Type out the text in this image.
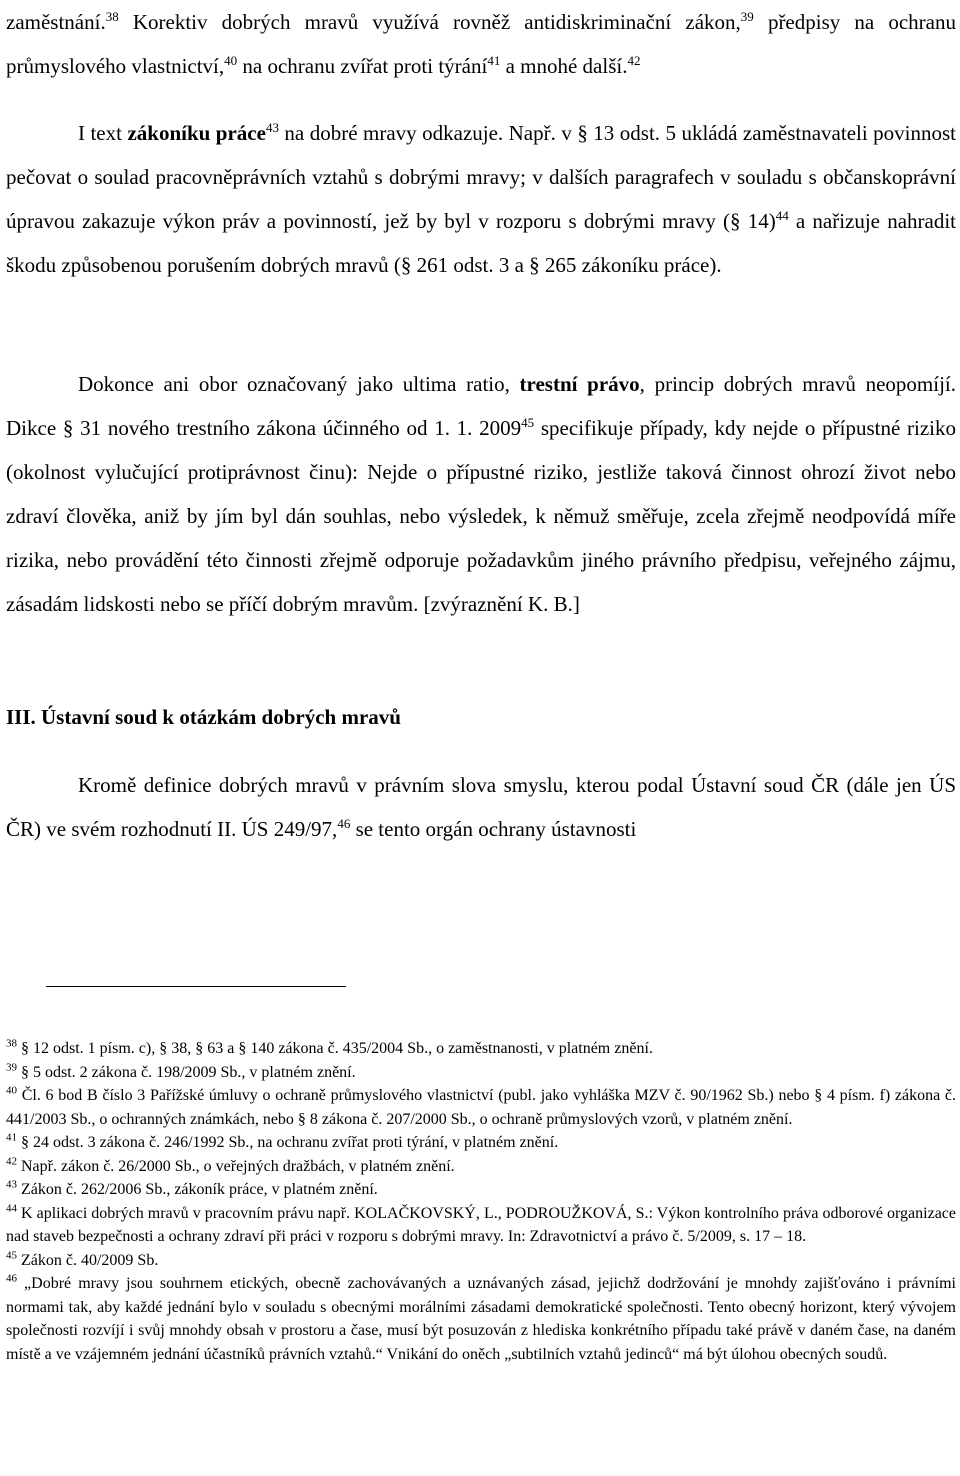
zaměstnání.$^{38}$ Korektiv dobrých mravů využívá rovněž antidiskriminační zákon,$^{39}$ předpisy na ochranu průmyslového vlastnictví,$^{40}$ na ochranu zvířat proti týrání$^{41}$ a mnohé další.$^{42}$

I text zákoníku práce$^{43}$ na dobré mravy odkazuje. Např. v § 13 odst. 5 ukládá zaměstnavateli povinnost pečovat o soulad pracovněprávních vztahů s dobrými mravy; v dalších paragrafech v souladu s občanskoprávní úpravou zakazuje výkon práv a povinností, jež by byl v rozporu s dobrými mravy (§ 14)$^{44}$ a nařizuje nahradit škodu způsobenou porušením dobrých mravů (§ 261 odst. 3 a § 265 zákoníku práce).

Dokonce ani obor označovaný jako ultima ratio, trestní právo, princip dobrých mravů neopomíjí. Dikce § 31 nového trestního zákona účinného od 1. 1. 2009$^{45}$ specifikuje případy, kdy nejde o přípustné riziko (okolnost vylučující protiprávnost činu): Nejde o přípustné riziko, jestliže taková činnost ohrozí život nebo zdraví člověka, aniž by jím byl dán souhlas, nebo výsledek, k němuž směřuje, zcela zřejmě neodpovídá míře rizika, nebo provádění této činnosti zřejmě odporuje požadavkům jiného právního předpisu, veřejného zájmu, zásadám lidskosti nebo se příčí dobrým mravům. [zvýraznění K. B.]

III. Ústavní soud k otázkám dobrých mravů

Kromě definice dobrých mravů v právním slova smyslu, kterou podal Ústavní soud ČR (dále jen ÚS ČR) ve svém rozhodnutí II. ÚS 249/97,46 se tento orgán ochrany ústavnosti

$^{38}$ § 12 odst. 1 písm. c), § 38, § 63 a § 140 zákona č. 435/2004 Sb., o zaměstnanosti, v platném znění.

$^{39}$ § 5 odst. 2 zákona č. 198/2009 Sb., v platném znění.

$^{40}$ Čl. 6 bod B číslo 3 Pařížské úmluvy o ochraně průmyslového vlastnictví (publ. jako vyhláška MZV č. 90/1962 Sb.) nebo § 4 písm. f) zákona č. 441/2003 Sb., o ochranných známkách, nebo § 8 zákona č. 207/2000 Sb., o ochraně průmyslových vzorů, v platném znění.

$^{41}$ § 24 odst. 3 zákona č. 246/1992 Sb., na ochranu zvířat proti týrání, v platném znění.

$^{42}$ Např. zákon č. 26/2000 Sb., o veřejných dražbách, v platném znění.

$^{43}$ Zákon č. 262/2006 Sb., zákoník práce, v platném znění.

$^{44}$ K aplikaci dobrých mravů v pracovním právu např. KOLAČKOVSKÝ, L., PODROUŽKOVÁ, S.: Výkon kontrolního práva odborové organizace nad staveb bezpečnosti a ochrany zdraví při práci v rozporu s dobrými mravy. In: Zdravotnictví a právo č. 5/2009, s. 17 – 18.

$^{45}$ Zákon č. 40/2009 Sb.

$^{46}$ „Dobré mravy jsou souhrnem etických, obecně zachovávaných a uznávaných zásad, jejichž dodržování je mnohdy zajišťováno i právními normami tak, aby každé jednání bylo v souladu s obecnými morálními zásadami demokratické společnosti. Tento obecný horizont, který vývojem společnosti rozvíjí i svůj mnohdy obsah v prostoru a čase, musí být posuzován z hlediska konkrétního případu také právě v daném čase, na daném místě a ve vzájemném jednání účastníků právních vztahů.“ Vnikání do oněch „subtilních vztahů jedinců“ má být úlohou obecných soudů.
